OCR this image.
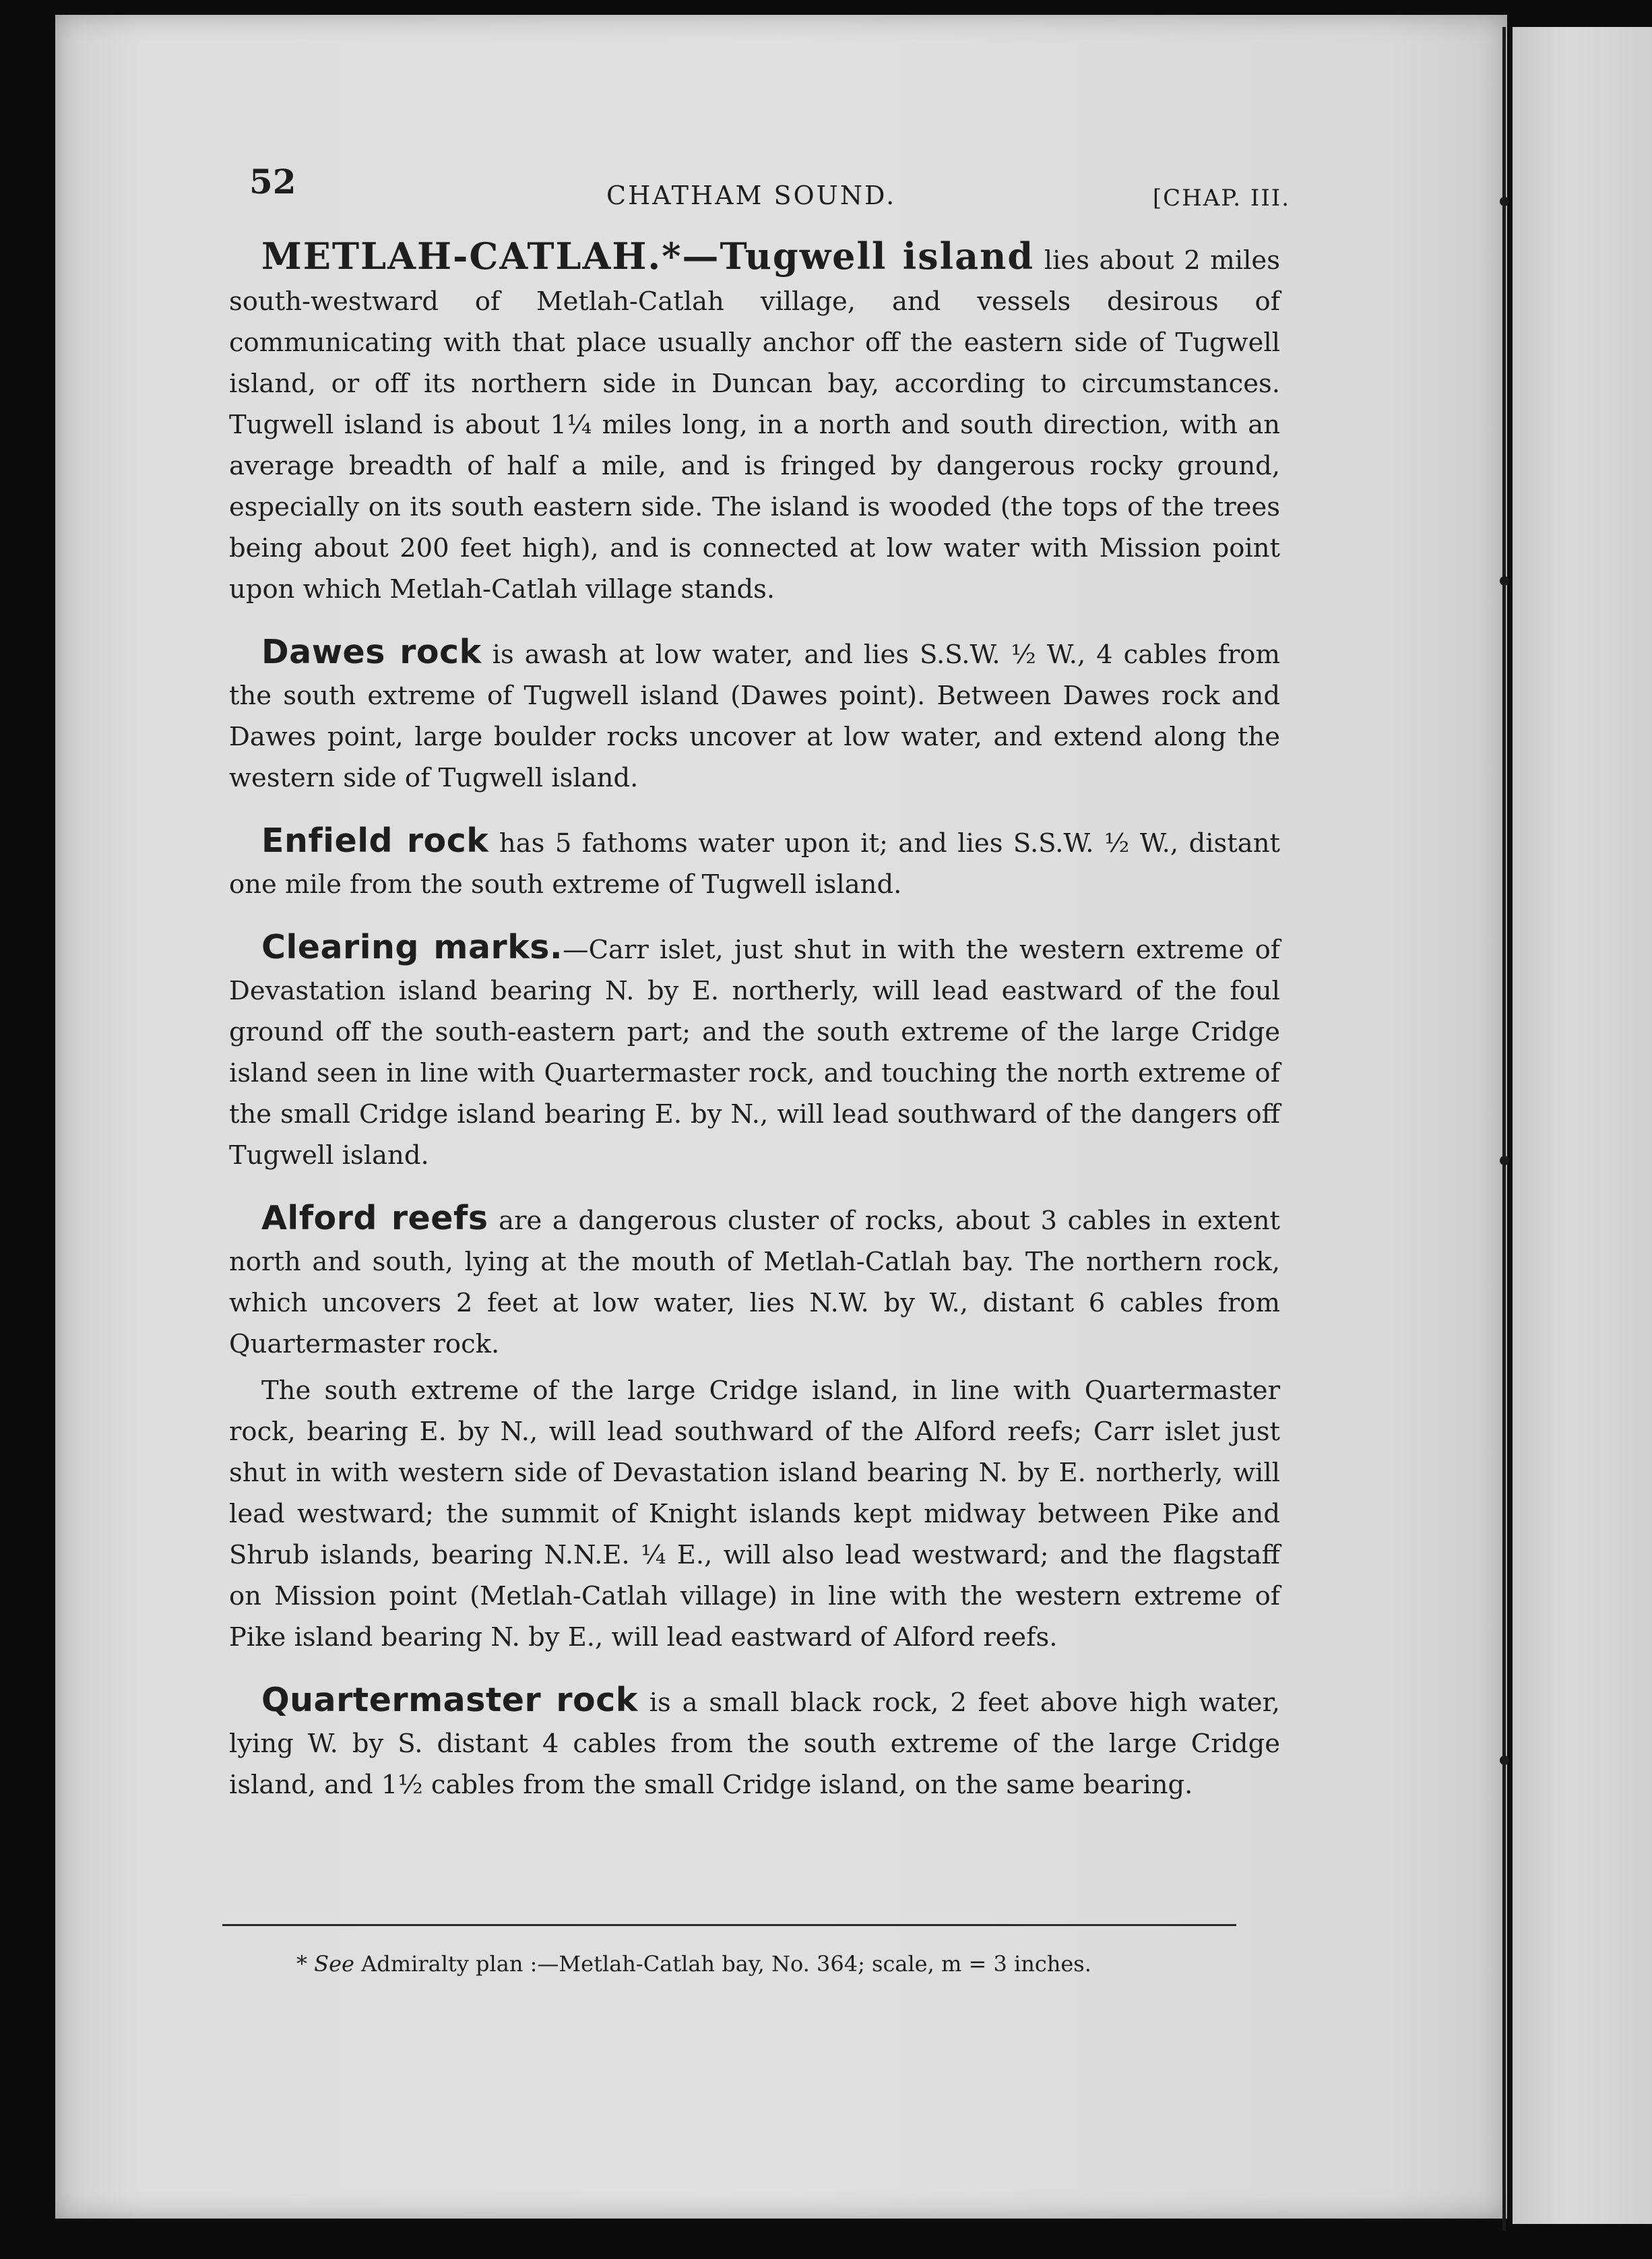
52	CHATHAM SOUND.	[CHAP. III.

METLAH-CATLAH.*—Tugwell island lies about 2 miles south-westward of Metlah-Catlah village, and vessels desirous of communicating with that place usually anchor off the eastern side of Tugwell island, or off its northern side in Duncan bay, according to circumstances. Tugwell island is about 1¼ miles long, in a north and south direction, with an average breadth of half a mile, and is fringed by dangerous rocky ground, especially on its south eastern side. The island is wooded (the tops of the trees being about 200 feet high), and is connected at low water with Mission point upon which Metlah-Catlah village stands.

Dawes rock is awash at low water, and lies S.S.W. ½ W., 4 cables from the south extreme of Tugwell island (Dawes point). Between Dawes rock and Dawes point, large boulder rocks uncover at low water, and extend along the western side of Tugwell island.

Enfield rock has 5 fathoms water upon it; and lies S.S.W. ½ W., distant one mile from the south extreme of Tugwell island.

Clearing marks.—Carr islet, just shut in with the western extreme of Devastation island bearing N. by E. northerly, will lead eastward of the foul ground off the south-eastern part; and the south extreme of the large Cridge island seen in line with Quartermaster rock, and touching the north extreme of the small Cridge island bearing E. by N., will lead southward of the dangers off Tugwell island.

Alford reefs are a dangerous cluster of rocks, about 3 cables in extent north and south, lying at the mouth of Metlah-Catlah bay. The northern rock, which uncovers 2 feet at low water, lies N.W. by W., distant 6 cables from Quartermaster rock.

The south extreme of the large Cridge island, in line with Quartermaster rock, bearing E. by N., will lead southward of the Alford reefs; Carr islet just shut in with western side of Devastation island bearing N. by E. northerly, will lead westward; the summit of Knight islands kept midway between Pike and Shrub islands, bearing N.N.E. ¼ E., will also lead westward; and the flagstaff on Mission point (Metlah-Catlah village) in line with the western extreme of Pike island bearing N. by E., will lead eastward of Alford reefs.

Quartermaster rock is a small black rock, 2 feet above high water, lying W. by S. distant 4 cables from the south extreme of the large Cridge island, and 1½ cables from the small Cridge island, on the same bearing.

* See Admiralty plan :—Metlah-Catlah bay, No. 364; scale, m = 3 inches.
